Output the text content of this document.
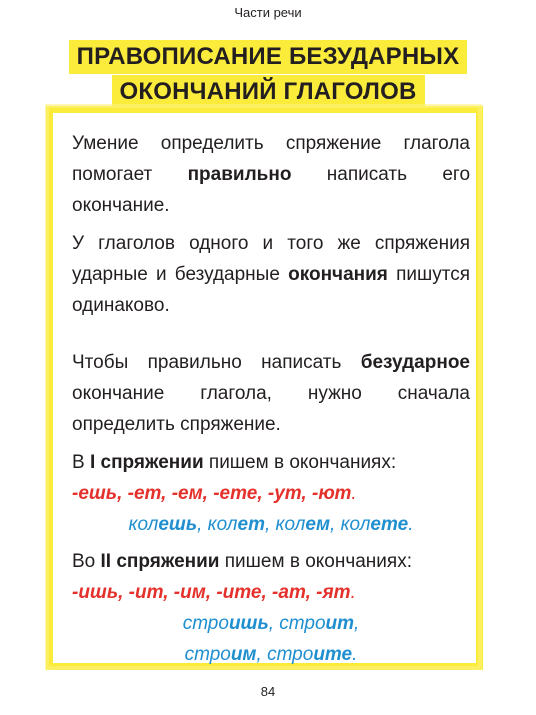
Части речи
ПРАВОПИСАНИЕ БЕЗУДАРНЫХ
ОКОНЧАНИЙ ГЛАГОЛОВ

Умение определить спряжение глагола помогает правильно написать его окончание.

У глаголов одного и того же спряжения ударные и безударные окончания пишутся одинаково.

Чтобы правильно написать безударное окончание глагола, нужно сначала определить спряжение.

В I спряжении пишем в окончаниях:

-ешь, -ет, -ем, -ете, -ут, -ют.

колешь, колет, колем, колете.

Во II спряжении пишем в окончаниях:

-ишь, -ит, -им, -ите, -ат, -ят.

строишь, строит,

строим, строите.

84
